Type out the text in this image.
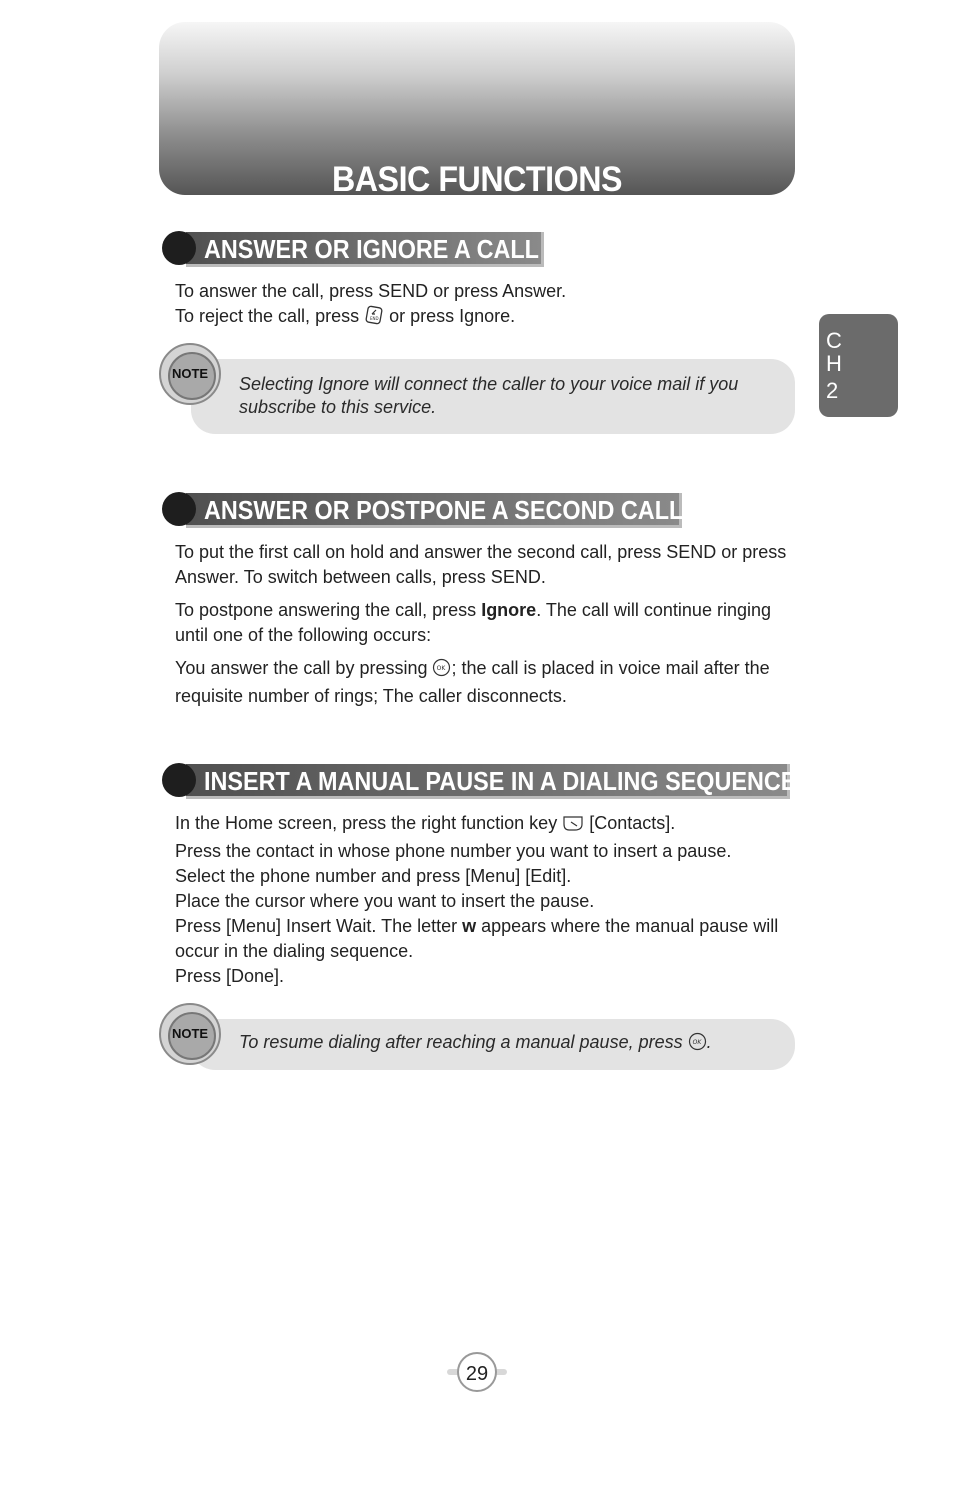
BASIC FUNCTIONS
C
H
2
ANSWER OR IGNORE A CALL

To answer the call, press SEND or press Answer.

To reject the call, press END or press Ignore.

Selecting Ignore will connect the caller to your voice mail if you subscribe to this service.
NOTE
ANSWER OR POSTPONE A SECOND CALL

To put the first call on hold and answer the second call, press SEND or press Answer. To switch between calls, press SEND.

To postpone answering the call, press Ignore. The call will continue ringing until one of the following occurs:

You answer the call by pressing OK ; the call is placed in voice mail after the requisite number of rings; The caller disconnects.

INSERT A MANUAL PAUSE IN A DIALING SEQUENCE

In the Home screen, press the right function key  [Contacts].

Press the contact in whose phone number you want to insert a pause.

Select the phone number and press [Menu] [Edit].

Place the cursor where you want to insert the pause.

Press [Menu] Insert Wait. The letter w appears where the manual pause will occur in the dialing sequence.

Press [Done].

To resume dialing after reaching a manual pause, press OK .
NOTE
29
